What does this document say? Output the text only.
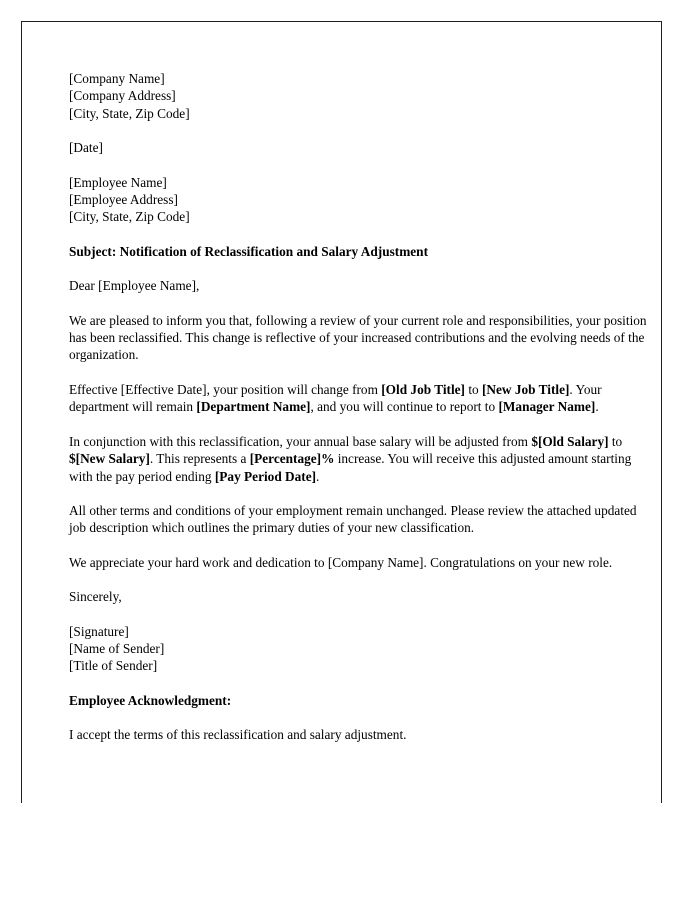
[Company Name]
[Company Address]
[City, State, Zip Code]
[Date]
[Employee Name]
[Employee Address]
[City, State, Zip Code]
Subject: Notification of Reclassification and Salary Adjustment
Dear [Employee Name],
We are pleased to inform you that, following a review of your current role and responsibilities, your position has been reclassified. This change is reflective of your increased contributions and the evolving needs of the organization.
Effective [Effective Date], your position will change from [Old Job Title] to [New Job Title]. Your department will remain [Department Name], and you will continue to report to [Manager Name].
In conjunction with this reclassification, your annual base salary will be adjusted from $[Old Salary] to $[New Salary]. This represents a [Percentage]% increase. You will receive this adjusted amount starting with the pay period ending [Pay Period Date].
All other terms and conditions of your employment remain unchanged. Please review the attached updated job description which outlines the primary duties of your new classification.
We appreciate your hard work and dedication to [Company Name]. Congratulations on your new role.
Sincerely,
[Signature]
[Name of Sender]
[Title of Sender]
Employee Acknowledgment:
I accept the terms of this reclassification and salary adjustment.
